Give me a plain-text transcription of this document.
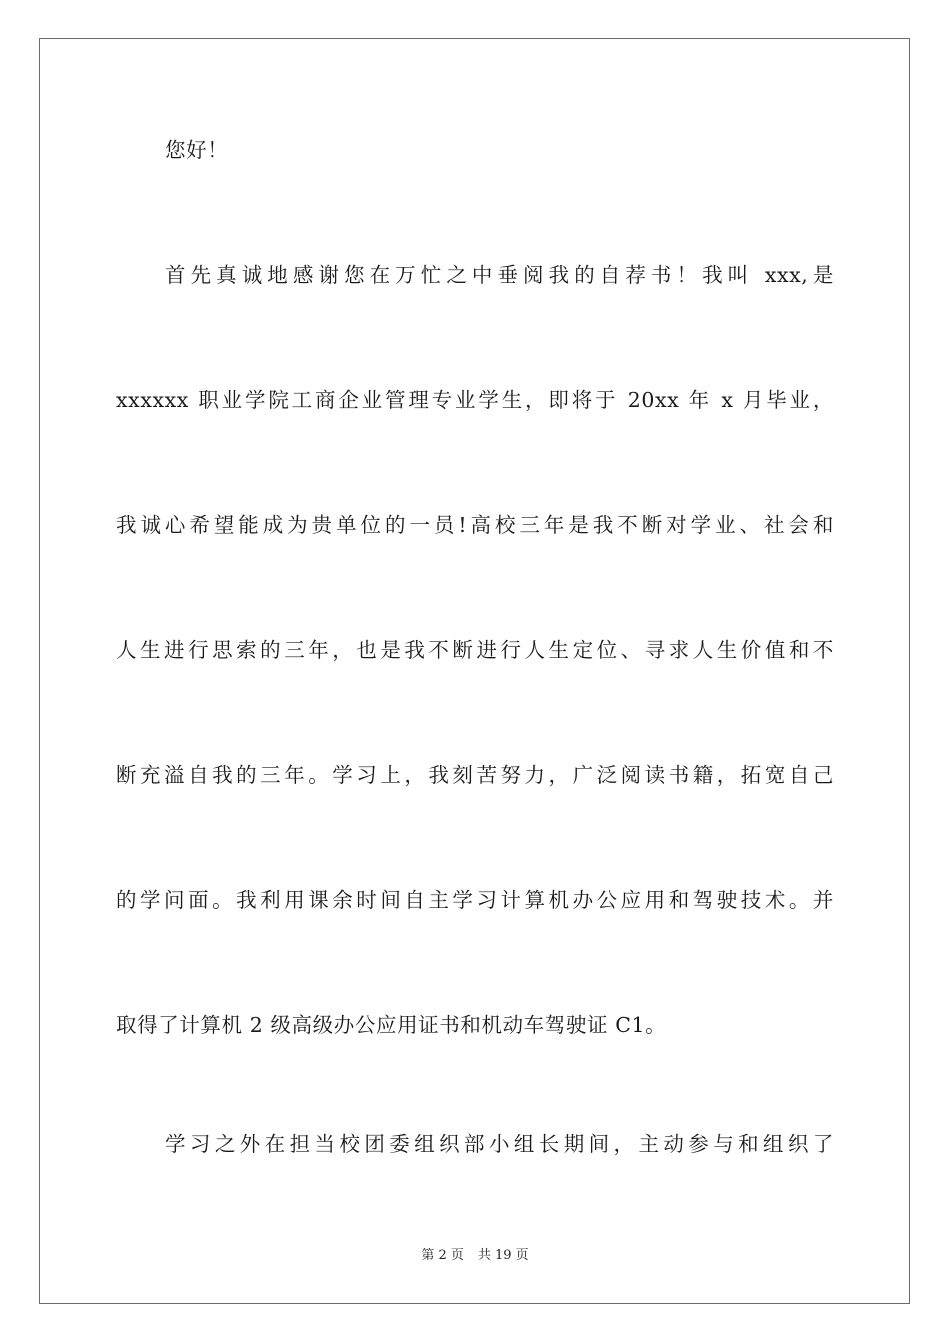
您好！
首先真诚地感谢您在万忙之中垂阅我的自荐书！我叫 xxx,是
xxxxxx 职业学院工商企业管理专业学生，即将于 20xx 年 x 月毕业，
我诚心希望能成为贵单位的一员!高校三年是我不断对学业、社会和
人生进行思索的三年，也是我不断进行人生定位、寻求人生价值和不
断充溢自我的三年。学习上，我刻苦努力，广泛阅读书籍，拓宽自己
的学问面。我利用课余时间自主学习计算机办公应用和驾驶技术。并
取得了计算机 2 级高级办公应用证书和机动车驾驶证 C1。
学习之外在担当校团委组织部小组长期间，主动参与和组织了
第 2 页 共 19 页
